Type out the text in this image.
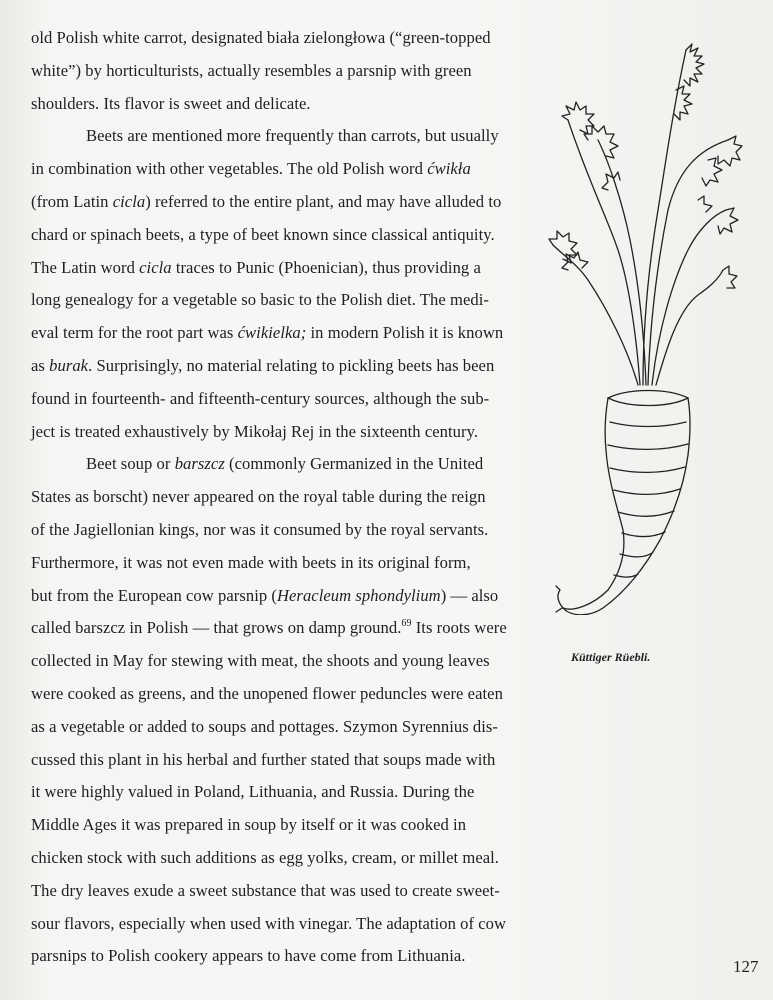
old Polish white carrot, designated biała zielongłowa (“green-topped
white”) by horticulturists, actually resembles a parsnip with green
shoulders. Its flavor is sweet and delicate.
Beets are mentioned more frequently than carrots, but usually
in combination with other vegetables. The old Polish word ćwikła
(from Latin cicla) referred to the entire plant, and may have alluded to
chard or spinach beets, a type of beet known since classical antiquity.
The Latin word cicla traces to Punic (Phoenician), thus providing a
long genealogy for a vegetable so basic to the Polish diet. The medi-
eval term for the root part was ćwikielka; in modern Polish it is known
as burak. Surprisingly, no material relating to pickling beets has been
found in fourteenth- and fifteenth-century sources, although the sub-
ject is treated exhaustively by Mikołaj Rej in the sixteenth century.
Beet soup or barszcz (commonly Germanized in the United
States as borscht) never appeared on the royal table during the reign
of the Jagiellonian kings, nor was it consumed by the royal servants.
Furthermore, it was not even made with beets in its original form,
but from the European cow parsnip (Heracleum sphondylium) — also
called barszcz in Polish — that grows on damp ground.$^{69}$ Its roots were
collected in May for stewing with meat, the shoots and young leaves
were cooked as greens, and the unopened flower peduncles were eaten
as a vegetable or added to soups and pottages. Szymon Syrennius dis-
cussed this plant in his herbal and further stated that soups made with
it were highly valued in Poland, Lithuania, and Russia. During the
Middle Ages it was prepared in soup by itself or it was cooked in
chicken stock with such additions as egg yolks, cream, or millet meal.
The dry leaves exude a sweet substance that was used to create sweet-
sour flavors, especially when used with vinegar. The adaptation of cow
parsnips to Polish cookery appears to have come from Lithuania.
Küttiger Rüebli.
127
